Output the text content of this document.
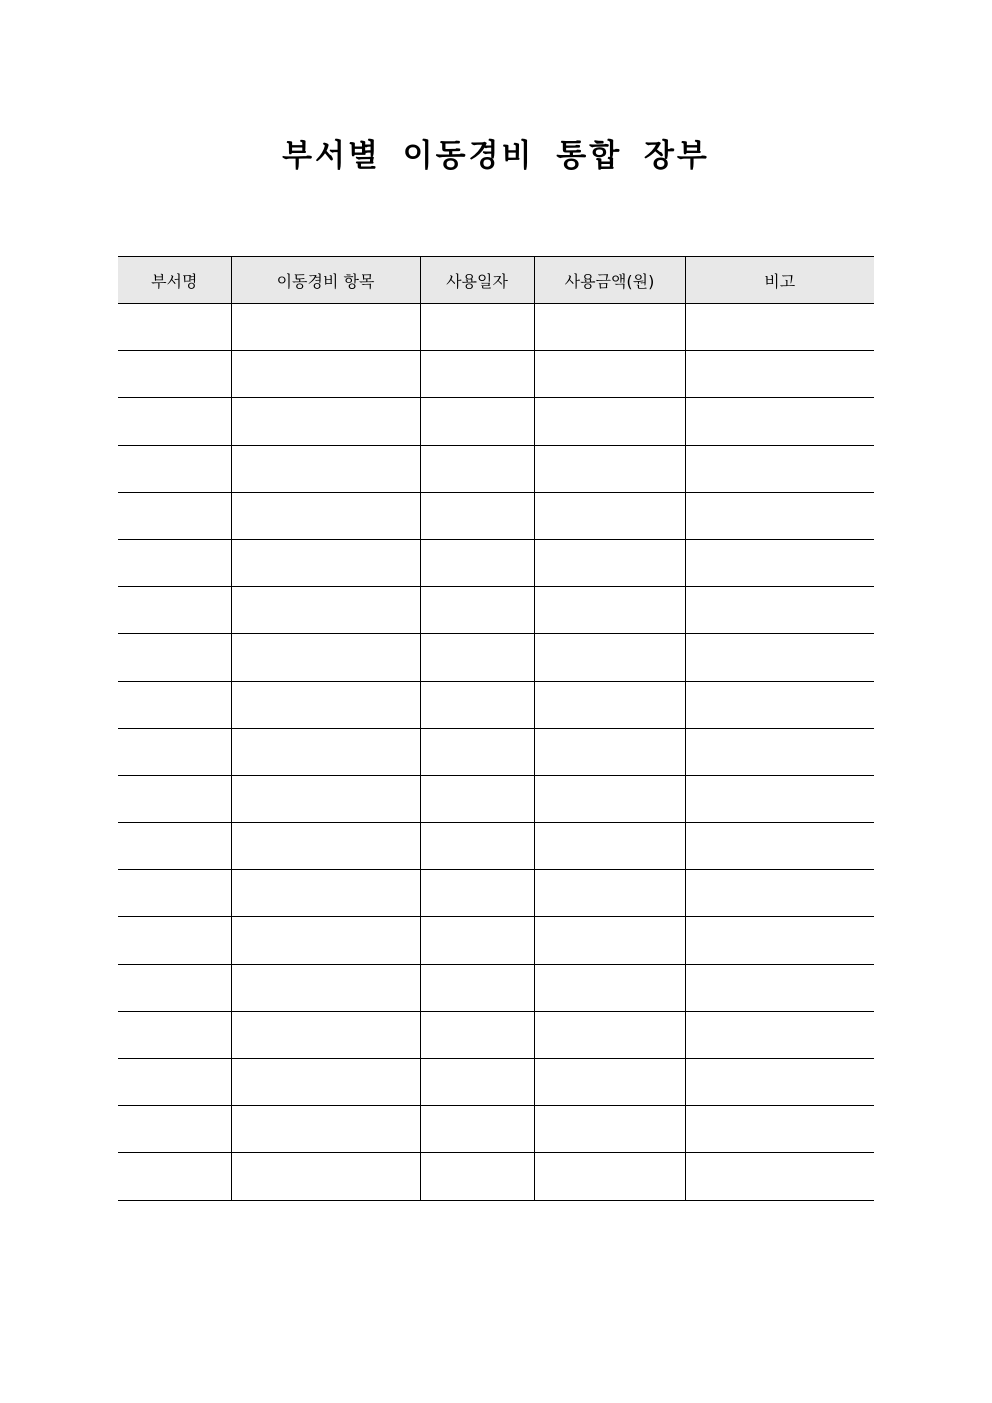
부서별 이동경비 통합 장부
부서명	이동경비 항목	사용일자	사용금액(원)	비고
